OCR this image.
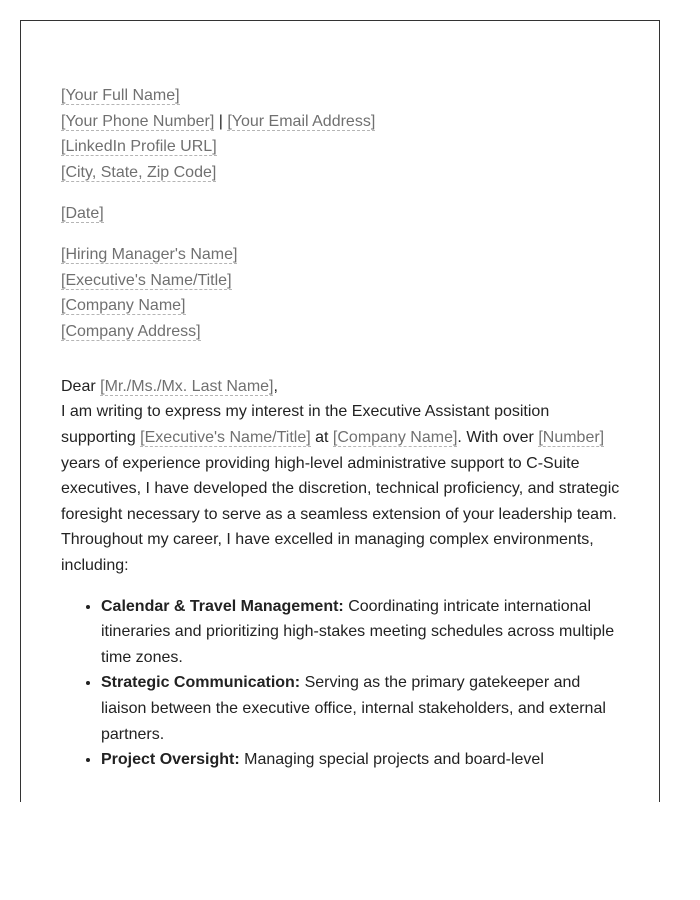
[Your Full Name]
[Your Phone Number] | [Your Email Address]
[LinkedIn Profile URL]
[City, State, Zip Code]
[Date]
[Hiring Manager's Name]
[Executive's Name/Title]
[Company Name]
[Company Address]
Dear [Mr./Ms./Mx. Last Name],

I am writing to express my interest in the Executive Assistant position supporting [Executive's Name/Title] at [Company Name]. With over [Number] years of experience providing high-level administrative support to C-Suite executives, I have developed the discretion, technical proficiency, and strategic foresight necessary to serve as a seamless extension of your leadership team.

Throughout my career, I have excelled in managing complex environments, including:

• Calendar & Travel Management: Coordinating intricate international itineraries and prioritizing high-stakes meeting schedules across multiple time zones.
• Strategic Communication: Serving as the primary gatekeeper and liaison between the executive office, internal stakeholders, and external partners.
• Project Oversight: Managing special projects and board-level
